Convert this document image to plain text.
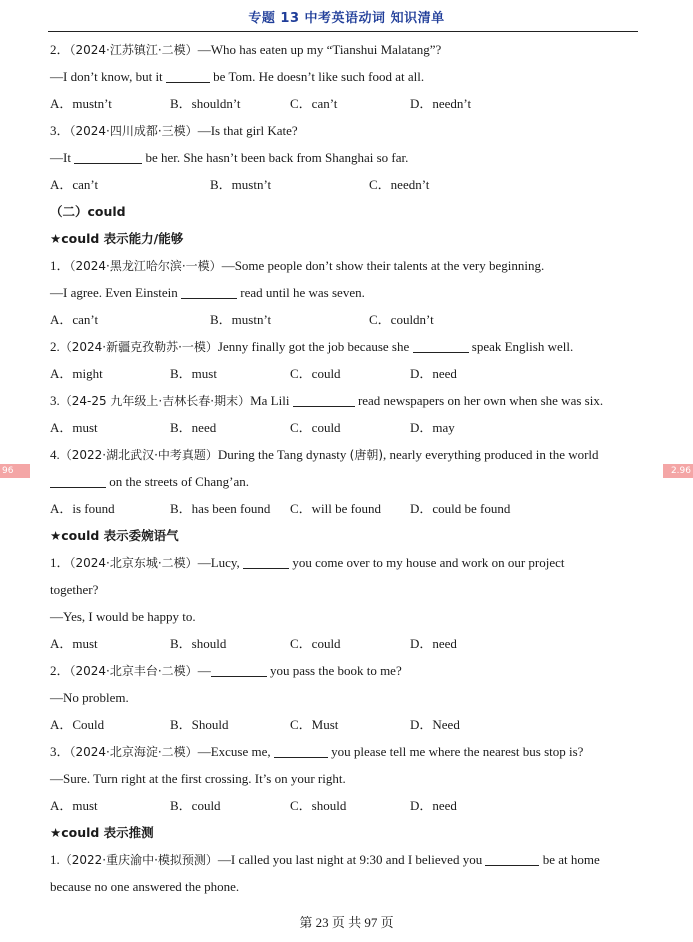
专题 13 中考英语动词 知识清单
96	2.96
2．（2024·江苏镇江·二模）—Who has eaten up my “Tianshui Malatang”?
—I don’t know, but it	be Tom. He doesn’t like such food at all.
A．mustn’t	B．shouldn’t	C．can’t	D．needn’t
3．（2024·四川成都·三模）—Is that girl Kate?
—It	be her. She hasn’t been back from Shanghai so far.
A．can’t	B．mustn’t	C．needn’t
（二）could
★could 表示能力/能够
1．（2024·黑龙江哈尔滨·一模）—Some people don’t show their talents at the very beginning.
—I agree. Even Einstein	read until he was seven.
A．can’t	B．mustn’t	C．couldn’t
2.（2024·新疆克孜勒苏·一模）Jenny finally got the job because she	speak English well.
A．might	B．must	C．could	D．need
3.（24-25 九年级上·吉林长春·期末）Ma Lili	read newspapers on her own when she was six.
A．must	B．need	C．could	D．may
4.（2022·湖北武汉·中考真题）During the Tang dynasty (唐朝), nearly everything produced in the world
on the streets of Chang’an.
A．is found	B．has been found C．will be found D．could be found
★could 表示委婉语气
1．（2024·北京东城·二模）—Lucy,	you come over to my house and work on our project
together?
—Yes, I would be happy to.
A．must	B．should	C．could	D．need
2．（2024·北京丰台·二模）—	you pass the book to me?
—No problem.
A．Could	B．Should	C．Must	D．Need
3．（2024·北京海淀·二模）—Excuse me,	you please tell me where the nearest bus stop is?
—Sure. Turn right at the first crossing. It’s on your right.
A．must	B．could	C．should	D．need
★could 表示推测
1.（2022·重庆渝中·模拟预测）—I called you last night at 9:30 and I believed you	be at home
because no one answered the phone.
第 23 页 共 97 页
